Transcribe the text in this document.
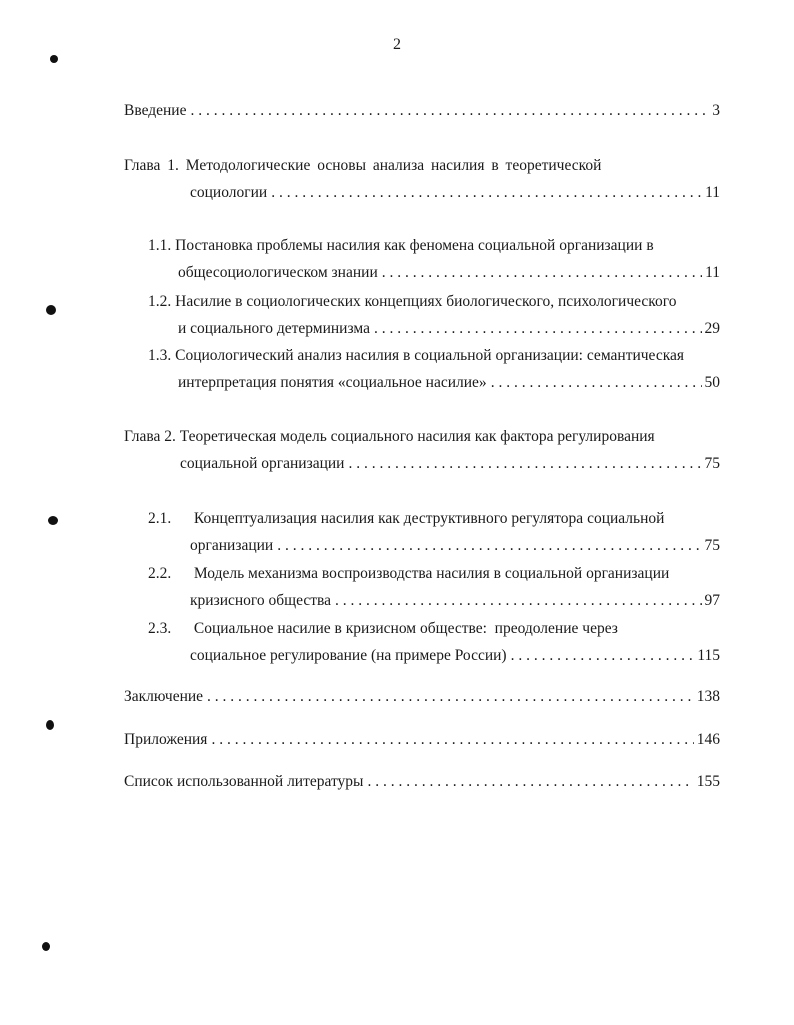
2
Введение . . .	3
Глава 1. Методологические основы анализа насилия в теоретической
социологии . . .	11
1.1. Постановка проблемы насилия как феномена социальной организации в
общесоциологическом знании . . .	11
1.2. Насилие в социологических концепциях биологического, психологического
и социального детерминизма . . .	29
1.3. Социологический анализ насилия в социальной организации: семантическая
интерпретация понятия «социальное насилие» . . .	50
Глава 2. Теоретическая модель социального насилия как фактора регулирования
социальной организации . . .	75
2.1. Концептуализация насилия как деструктивного регулятора социальной
организации . . .	75
2.2. Модель механизма воспроизводства насилия в социальной организации
кризисного общества . . .	97
2.3. Социальное насилие в кризисном обществе:  преодоление через
социальное регулирование (на примере России) . . .	115
Заключение . . .	138
Приложения . . .	146
Список использованной литературы . . .	155
